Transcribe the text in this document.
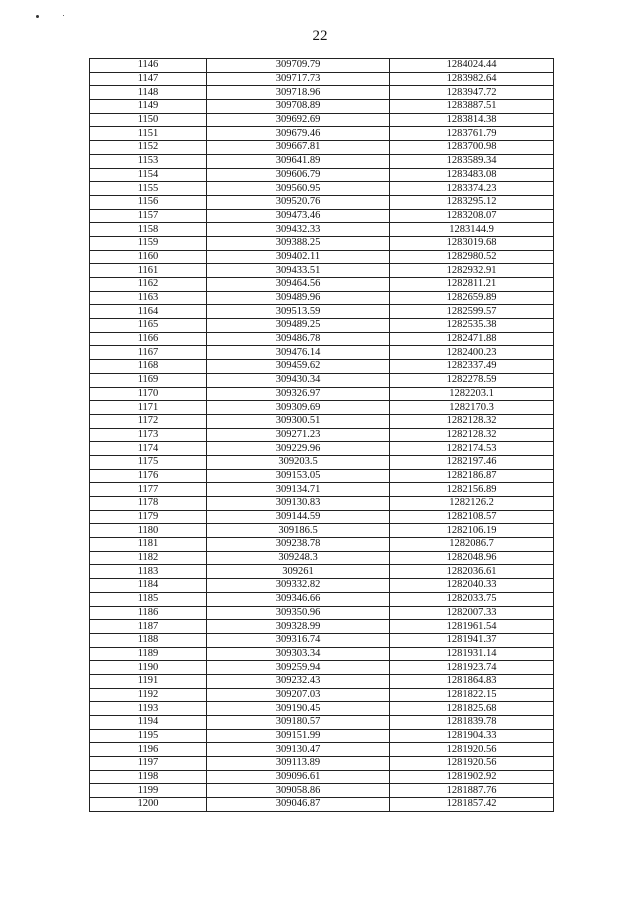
22
1146	309709.79	1284024.44
1147	309717.73	1283982.64
1148	309718.96	1283947.72
1149	309708.89	1283887.51
1150	309692.69	1283814.38
1151	309679.46	1283761.79
1152	309667.81	1283700.98
1153	309641.89	1283589.34
1154	309606.79	1283483.08
1155	309560.95	1283374.23
1156	309520.76	1283295.12
1157	309473.46	1283208.07
1158	309432.33	1283144.9
1159	309388.25	1283019.68
1160	309402.11	1282980.52
1161	309433.51	1282932.91
1162	309464.56	1282811.21
1163	309489.96	1282659.89
1164	309513.59	1282599.57
1165	309489.25	1282535.38
1166	309486.78	1282471.88
1167	309476.14	1282400.23
1168	309459.62	1282337.49
1169	309430.34	1282278.59
1170	309326.97	1282203.1
1171	309309.69	1282170.3
1172	309300.51	1282128.32
1173	309271.23	1282128.32
1174	309229.96	1282174.53
1175	309203.5	1282197.46
1176	309153.05	1282186.87
1177	309134.71	1282156.89
1178	309130.83	1282126.2
1179	309144.59	1282108.57
1180	309186.5	1282106.19
1181	309238.78	1282086.7
1182	309248.3	1282048.96
1183	309261	1282036.61
1184	309332.82	1282040.33
1185	309346.66	1282033.75
1186	309350.96	1282007.33
1187	309328.99	1281961.54
1188	309316.74	1281941.37
1189	309303.34	1281931.14
1190	309259.94	1281923.74
1191	309232.43	1281864.83
1192	309207.03	1281822.15
1193	309190.45	1281825.68
1194	309180.57	1281839.78
1195	309151.99	1281904.33
1196	309130.47	1281920.56
1197	309113.89	1281920.56
1198	309096.61	1281902.92
1199	309058.86	1281887.76
1200	309046.87	1281857.42
